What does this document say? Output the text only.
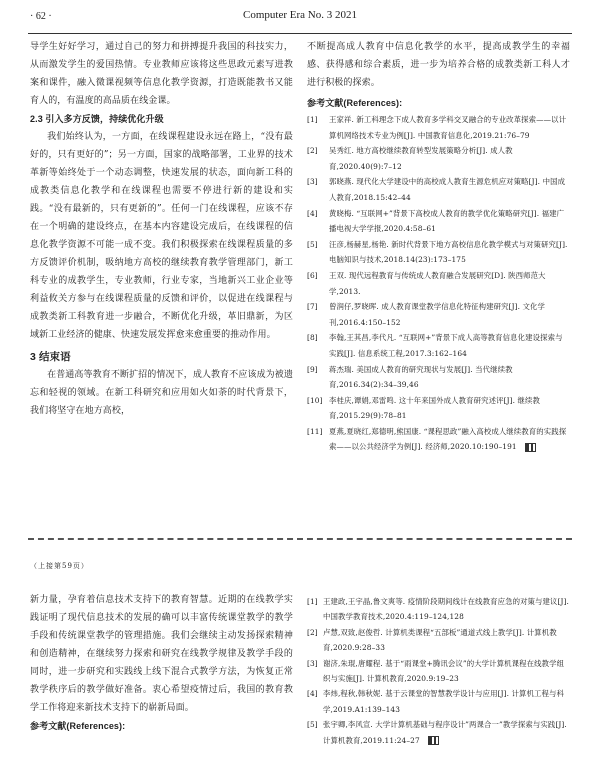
· 62 ·	Computer Era No. 3 2021

导学生好好学习，通过自己的努力和拼搏提升我国的科技实力，从而激发学生的爱国热情。专业教师应该将这些思政元素写进教案和课件，融入微课视频等信息化教学资源，打造既能教书又能育人的，有温度的高品质在线金课。

2.3 引入多方反馈，持续优化升级

我们始终认为，一方面，在线课程建设永远在路上，“没有最好的，只有更好的”；另一方面，国家的战略部署，工业界的技术革新等始终处于一个动态调整，快速发展的状态，面向新工科的成教类信息化教学和在线课程也需要不停进行新的建设和实践。“没有最新的，只有更新的”。任何一门在线课程，应该不存在一个明确的建设终点，在基本内容建设完成后，在线课程的信息化教学资源不可能一成不变。我们积极探索在线课程质量的多方反馈评价机制，吸纳地方高校的继续教育教学管理部门，新工科专业的成教学生，专业教师，行业专家，当地新兴工业企业等利益攸关方参与在线课程质量的反馈和评价，以促进在线课程与成教类新工科教育进一步融合，不断优化升级，革旧鼎新，为区域新工业经济的健康、快速发展发挥愈来愈重要的推动作用。

3 结束语

在普通高等教育不断扩招的情况下，成人教育不应该成为被遗忘和轻视的领域。在新工科研究和应用如火如荼的时代背景下，我们将坚守在地方高校，

不断提高成人教育中信息化教学的水平，提高成教学生的幸福感、获得感和综合素质，进一步为培养合格的成教类新工科人才进行积极的探索。

参考文献(References):
[1] 王家祥. 新工科理念下成人教育多学科交叉融合的专业改革探索——以计算机网络技术专业为例[J]. 中国教育信息化,2019.21:76–79
[2] 吴秀红. 地方高校继续教育转型发展策略分析[J]. 成人教育,2020.40(9):7–12
[3] 郭晓燕. 现代化大学建设中的高校成人教育生源危机应对策略[J]. 中国成人教育,2018.15:42–44
[4] 黄晓梅. “互联网+”背景下高校成人教育的教学优化策略研究[J]. 福建广播电视大学学报,2020.4:58–61
[5] 汪彦,杨赫星,杨艳. 新时代背景下地方高校信息化教学模式与对策研究[J]. 电脑知识与技术,2018.14(23):173–175
[6] 王双. 现代远程教育与传统成人教育融合发展研究[D]. 陕西师范大学,2013.
[7] 曾润仔,罗晓晖. 成人教育课堂教学信息化特征构建研究[J]. 文化学刊,2016.4:150–152
[8] 李翰,王其昌,李代凡. “互联网+”背景下成人高等教育信息化建设探索与实践[J]. 信息系统工程,2017.3:162–164
[9] 蒋杰瑞. 美国成人教育的研究现状与发展[J]. 当代继续教育,2016.34(2):34–39,46
[10] 李桂庆,谭娟,邓雷鸣. 这十年来国外成人教育研究述评[J]. 继续教育,2015.29(9):78–81
[11] 夏燕,夏晓红,郑德明,熊国康. “课程思政”融入高校成人继续教育的实践探索——以公共经济学为例[J]. 经济师,2020.10:190–191
（上接第59页）

新力量，孕育着信息技术支持下的教育智慧。近期的在线教学实践证明了现代信息技术的发展的确可以丰富传统课堂教学的教学手段和传统课堂教学的管理措施。我们会继续主动发扬探索精神和创造精神，在继续努力探索和研究在线教学规律及教学手段的同时，进一步研究和实践线上线下混合式教学方法，为恢复正常教学秩序后的教学做好准备。衷心希望疫情过后，我国的教育教学工作将迎来新技术支持下的崭新局面。

参考文献(References):
[1] 王建政,王宇晶,鲁文爽等. 疫情阶段期间线计在线教育应急的对策与建议[J]. 中国教学教育技术,2020.4:119–124,128
[2] 卢慧,双致,赵俊哲. 计算机类课程“五部板”通道式线上教学[J]. 计算机教育,2020.9:28–33
[3] 谢济,朱琨,唐耀程. 基于“雨课堂+腾讯会议”的大学计算机课程在线教学组织与实施[J]. 计算机教育,2020.9:19–23
[4] 李炜,程秋,韩秋妮. 基于云课堂的智慧教学设计与应用[J]. 计算机工程与科学,2019.A1:139–143
[5] 张宇卿,李风宣. 大学计算机基础与程序设计”两课合一”教学探索与实践[J]. 计算机教育,2019.11:24–27
